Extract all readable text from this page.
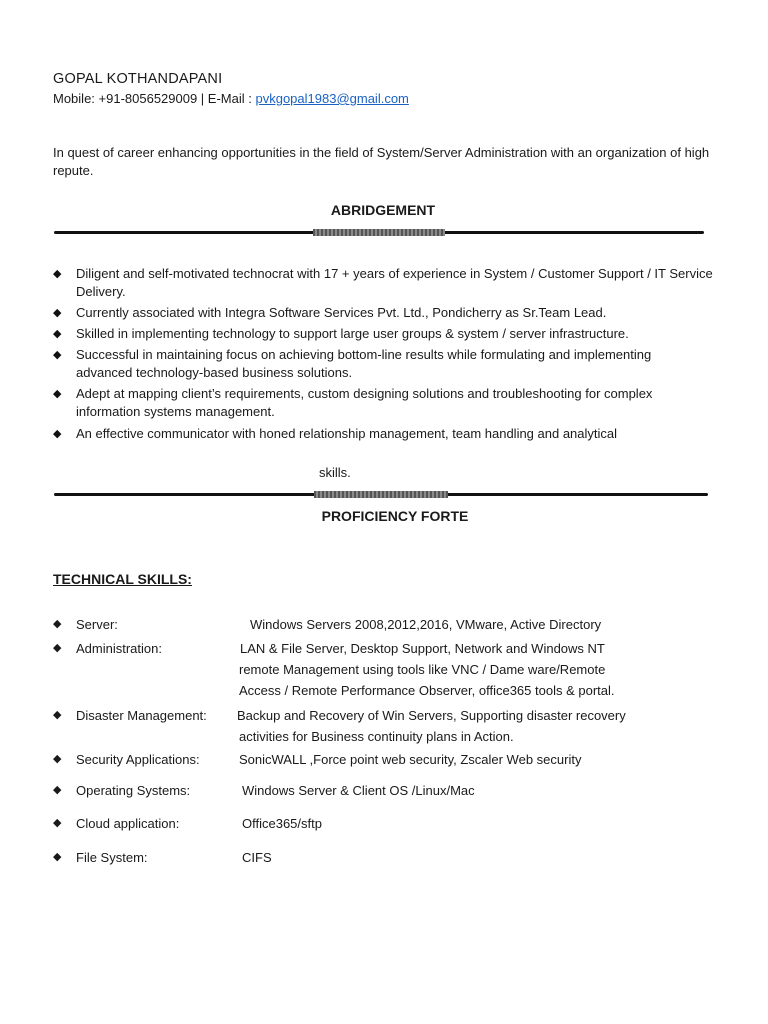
GOPAL KOTHANDAPANI
Mobile: +91-8056529009 | E-Mail : pvkgopal1983@gmail.com
In quest of career enhancing opportunities in the field of System/Server Administration with an organization of high repute.
ABRIDGEMENT
◆ Diligent and self-motivated technocrat with 17 + years of experience in System / Customer Support / IT Service Delivery.
◆ Currently associated with Integra Software Services Pvt. Ltd., Pondicherry as Sr.Team Lead.
◆ Skilled in implementing technology to support large user groups & system / server infrastructure.
◆ Successful in maintaining focus on achieving bottom-line results while formulating and implementing advanced technology-based business solutions.
◆ Adept at mapping client’s requirements, custom designing solutions and troubleshooting for complex information systems management.
◆ An effective communicator with honed relationship management, team handling and analytical
skills.
PROFICIENCY FORTE
TECHNICAL SKILLS:
◆ Server:	Windows Servers 2008,2012,2016, VMware, Active Directory
◆ Administration:	LAN & File Server, Desktop Support, Network and Windows NT
remote Management using tools like VNC / Dame ware/Remote
Access / Remote Performance Observer, office365 tools & portal.
◆ Disaster Management: Backup and Recovery of Win Servers, Supporting disaster recovery
activities for Business continuity plans in Action.
◆ Security Applications:	SonicWALL ,Force point web security, Zscaler Web security
◆ Operating Systems:	Windows Server & Client OS /Linux/Mac
◆ Cloud application:	Office365/sftp
◆ File System:	CIFS
